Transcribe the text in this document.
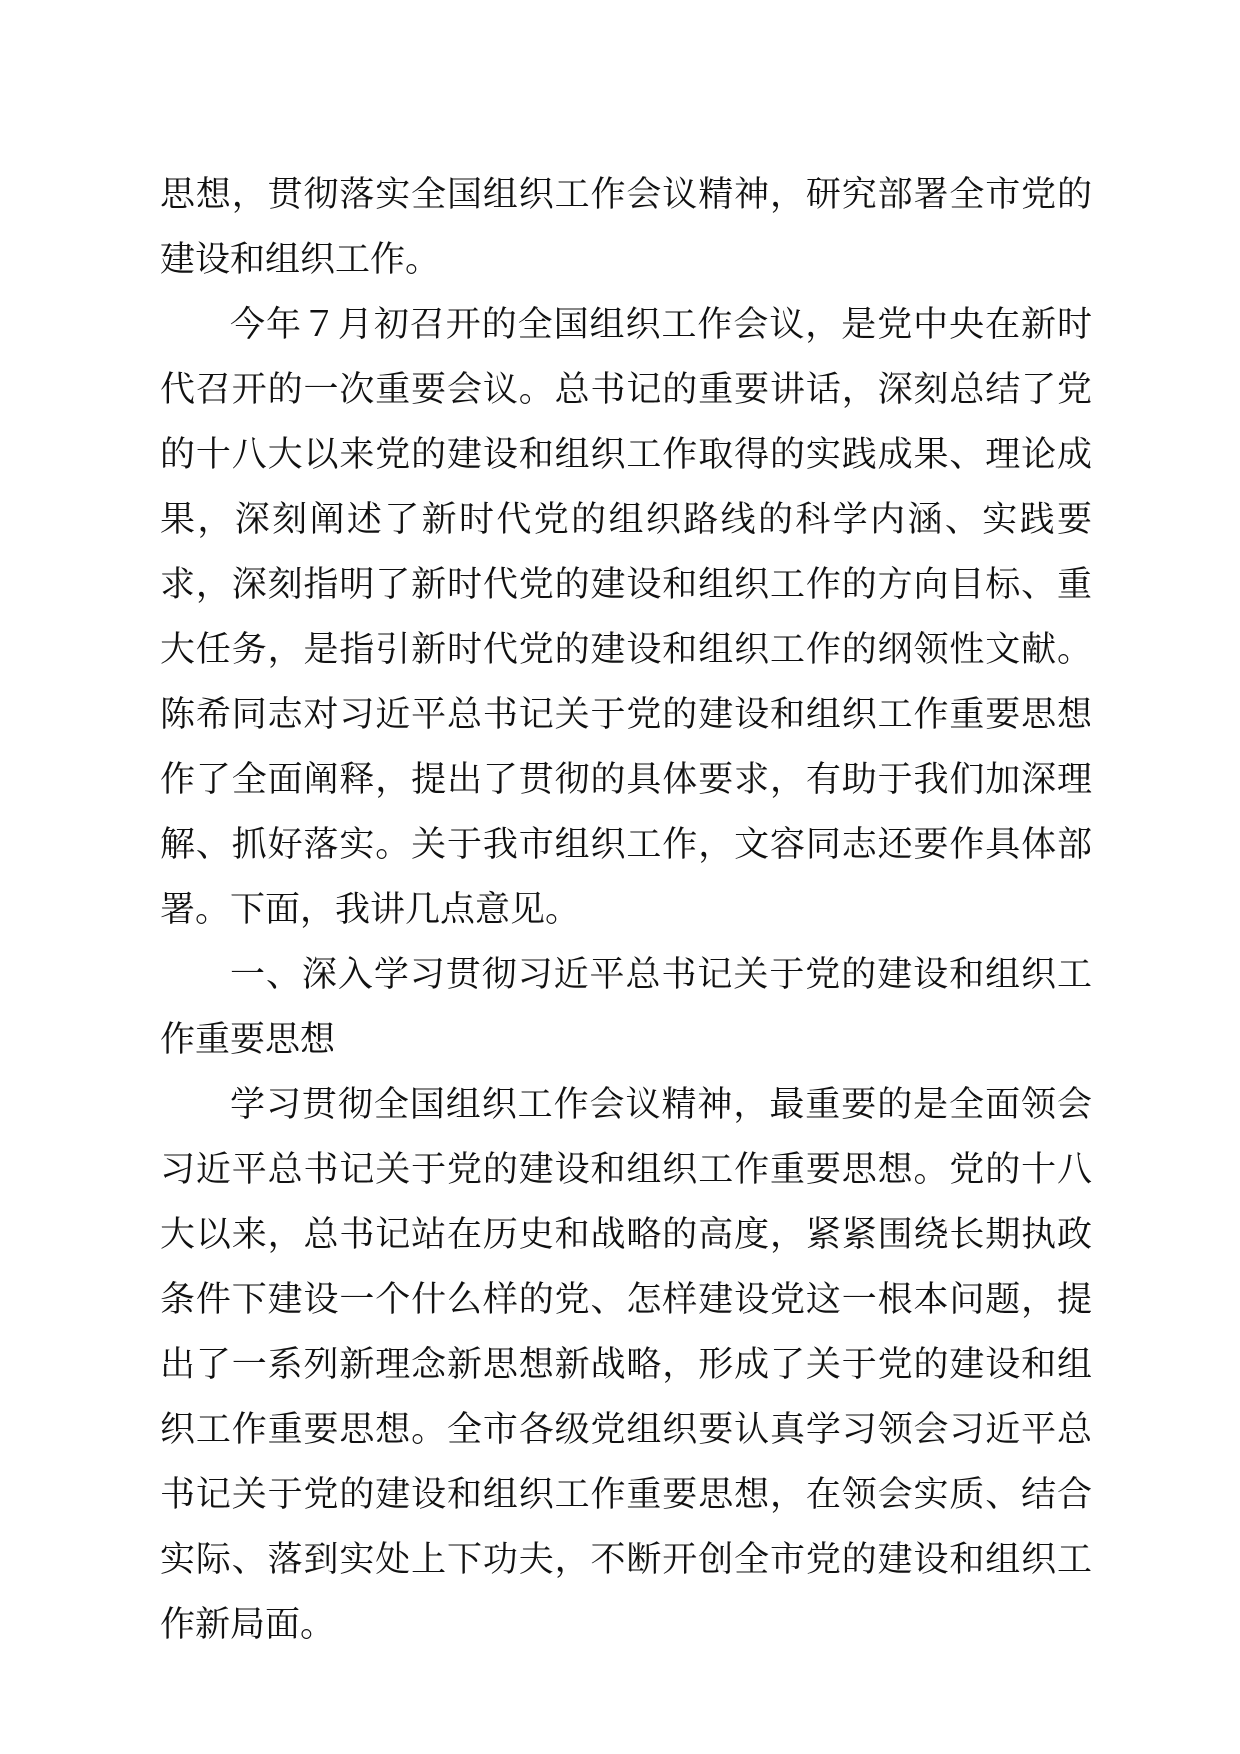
思想，贯彻落实全国组织工作会议精神，研究部署全市党的建设和组织工作。

今年７月初召开的全国组织工作会议，是党中央在新时代召开的一次重要会议。总书记的重要讲话，深刻总结了党的十八大以来党的建设和组织工作取得的实践成果、理论成果，深刻阐述了新时代党的组织路线的科学内涵、实践要求，深刻指明了新时代党的建设和组织工作的方向目标、重大任务，是指引新时代党的建设和组织工作的纲领性文献。陈希同志对习近平总书记关于党的建设和组织工作重要思想作了全面阐释，提出了贯彻的具体要求，有助于我们加深理解、抓好落实。关于我市组织工作，文容同志还要作具体部署。下面，我讲几点意见。

一、深入学习贯彻习近平总书记关于党的建设和组织工作重要思想

学习贯彻全国组织工作会议精神，最重要的是全面领会习近平总书记关于党的建设和组织工作重要思想。党的十八大以来，总书记站在历史和战略的高度，紧紧围绕长期执政条件下建设一个什么样的党、怎样建设党这一根本问题，提出了一系列新理念新思想新战略，形成了关于党的建设和组织工作重要思想。全市各级党组织要认真学习领会习近平总书记关于党的建设和组织工作重要思想，在领会实质、结合实际、落到实处上下功夫，不断开创全市党的建设和组织工作新局面。
